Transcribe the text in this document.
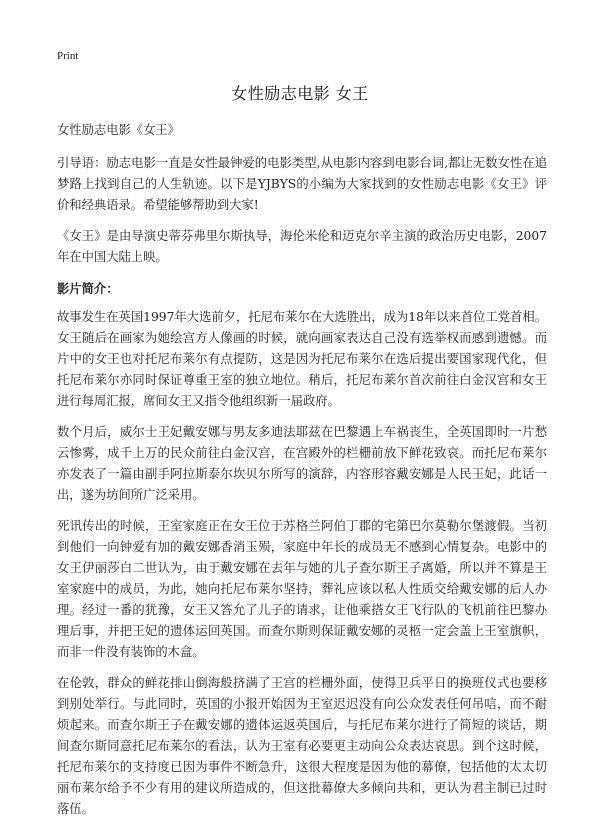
Print
女性励志电影 女王

女性励志电影《女王》

引导语：励志电影一直是女性最钟爱的电影类型,从电影内容到电影台词,都让无数女性在追梦路上找到自己的人生轨迹。以下是YJBYS的小编为大家找到的女性励志电影《女王》评价和经典语录。希望能够帮助到大家!

《女王》是由导演史蒂芬弗里尔斯执导，海伦米伦和迈克尔辛主演的政治历史电影，2007年在中国大陆上映。

影片简介：

故事发生在英国1997年大选前夕，托尼布莱尔在大选胜出，成为18年以来首位工党首相。女王随后在画家为她绘宫方人像画的时候，就向画家表达自己没有选举权而感到遗憾。而片中的女王也对托尼布莱尔有点提防，这是因为托尼布莱尔在选后提出要国家现代化，但托尼布莱尔亦同时保证尊重王室的独立地位。稍后，托尼布莱尔首次前往白金汉宫和女王进行每周汇报，席间女王又指令他组织新一届政府。

数个月后，威尔士王妃戴安娜与男友多迪法耶兹在巴黎遇上车祸丧生，全英国即时一片愁云惨雾，成千上万的民众前往白金汉宫，在宫殿外的栏栅前放下鲜花致哀。而托尼布莱尔亦发表了一篇由副手阿拉斯泰尔坎贝尔所写的演辞，内容形容戴安娜是人民王妃，此话一出，遂为坊间所广泛采用。

死讯传出的时候，王室家庭正在女王位于苏格兰阿伯丁郡的宅第巴尔莫勒尔堡渡假。当初到他们一向钟爱有加的戴安娜香消玉殒，家庭中年长的成员无不感到心情复杂。电影中的女王伊丽莎白二世认为，由于戴安娜在去年与她的儿子查尔斯王子离婚，所以并不算是王室家庭中的成员，为此，她向托尼布莱尔坚持，葬礼应该以私人性质交给戴安娜的后人办理。经过一番的犹豫，女王又答允了儿子的请求，让他乘搭女王飞行队的飞机前往巴黎办理后事，并把王妃的遗体运回英国。而查尔斯则保证戴安娜的灵柩一定会盖上王室旗帜，而非一件没有装饰的木盒。

在伦敦，群众的鲜花排山倒海般挤满了王宫的栏栅外面，使得卫兵平日的换班仪式也要移到别处举行。与此同时，英国的小报开始因为王室迟迟没有向公众发表任何吊唁，而不耐烦起来。而查尔斯王子在戴安娜的遗体运返英国后，与托尼布莱尔进行了简短的谈话，期间查尔斯同意托尼布莱尔的看法，认为王室有必要更主动向公众表达哀思。到个这时候，托尼布莱尔的支持度已因为事件不断急升，这很大程度是因为他的幕僚，包括他的太太切丽布莱尔给予不少有用的建议所造成的，但这批幕僚大多倾向共和，更认为君主制已过时落伍。
